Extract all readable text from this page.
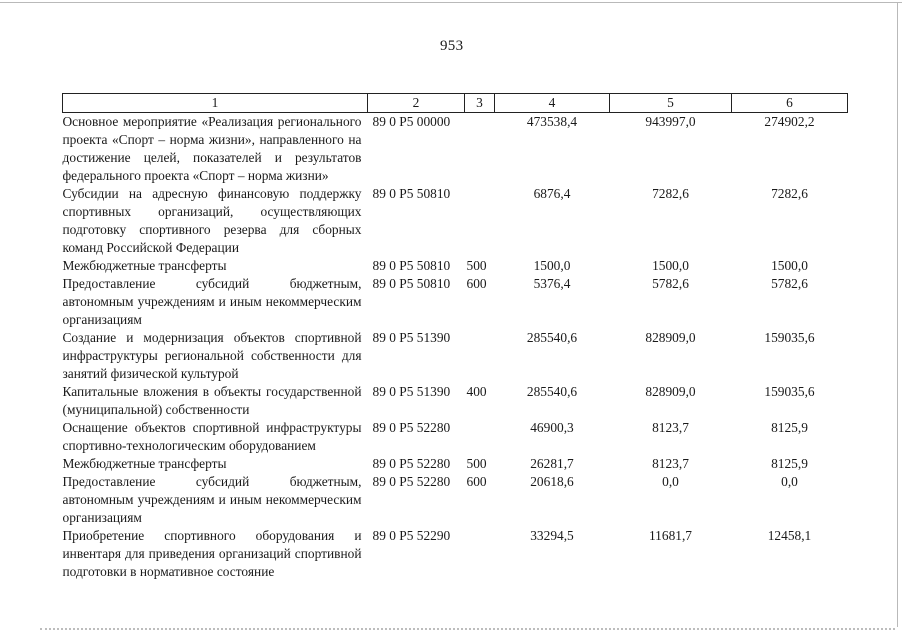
953
1	2	3	4	5	6
Основное мероприятие «Реализация регионального проекта «Спорт – норма жизни», направленного на достижение целей, показателей и результатов федерального проекта «Спорт – норма жизни»	89 0 P5 00000		473538,4	943997,0	274902,2
Субсидии на адресную финансовую поддержку спортивных организаций, осуществляющих подготовку спортивного резерва для сборных команд Российской Федерации	89 0 P5 50810		6876,4	7282,6	7282,6
Межбюджетные трансферты	89 0 P5 50810	500	1500,0	1500,0	1500,0
Предоставление субсидий бюджетным, автономным учреждениям и иным некоммерческим организациям	89 0 P5 50810	600	5376,4	5782,6	5782,6
Создание и модернизация объектов спортивной инфраструктуры региональной собственности для занятий физической культурой	89 0 P5 51390		285540,6	828909,0	159035,6
Капитальные вложения в объекты государственной (муниципальной) собственности	89 0 P5 51390	400	285540,6	828909,0	159035,6
Оснащение объектов спортивной инфраструктуры спортивно-технологическим оборудованием	89 0 P5 52280		46900,3	8123,7	8125,9
Межбюджетные трансферты	89 0 P5 52280	500	26281,7	8123,7	8125,9
Предоставление субсидий бюджетным, автономным учреждениям и иным некоммерческим организациям	89 0 P5 52280	600	20618,6	0,0	0,0
Приобретение спортивного оборудования и инвентаря для приведения организаций спортивной подготовки в нормативное состояние	89 0 P5 52290		33294,5	11681,7	12458,1
